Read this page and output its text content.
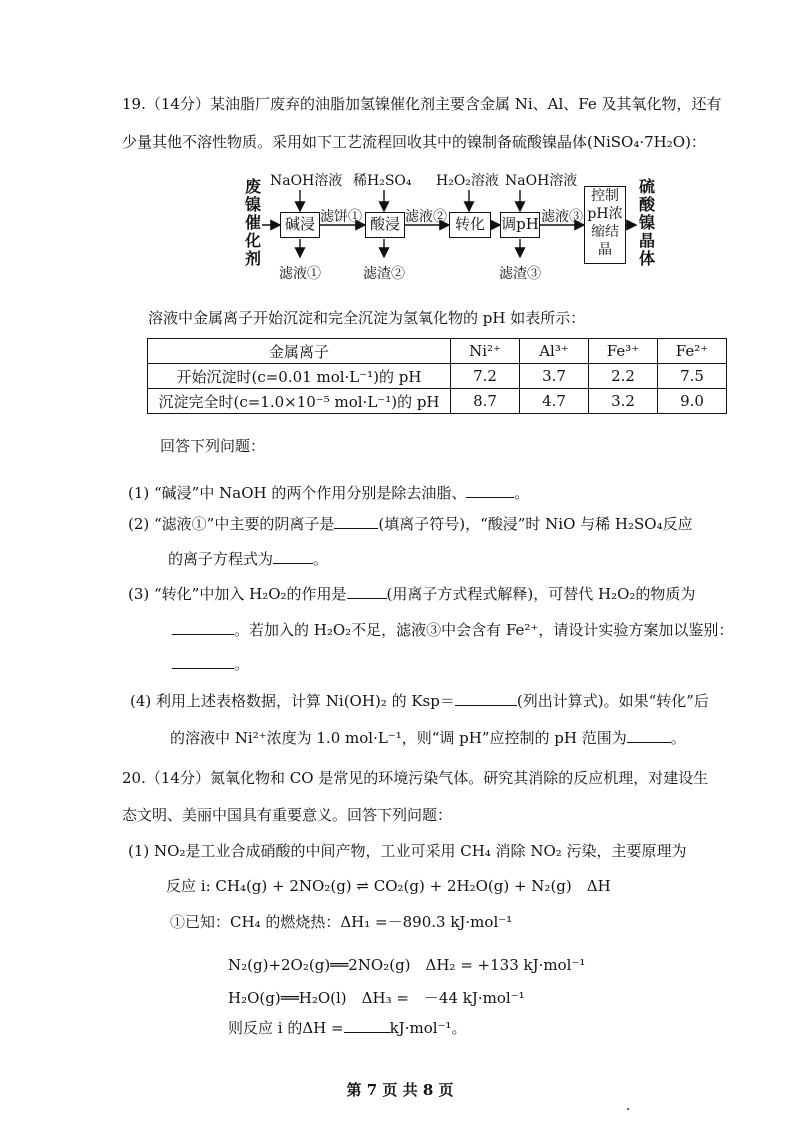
19.（14分）某油脂厂废弃的油脂加氢镍催化剂主要含金属 Ni、Al、Fe 及其氧化物，还有
少量其他不溶性物质。采用如下工艺流程回收其中的镍制备硫酸镍晶体(NiSO₄·7H₂O)：
废
镍
催
化
剂
硫
酸
镍
晶
体
碱浸	酸浸	转化	调pH
控制
pH浓
缩结
晶
NaOH溶液 稀H₂SO₄ H₂O₂溶液 NaOH溶液
滤饼①	滤液②	滤液③
滤液①	滤渣②	滤渣③
溶液中金属离子开始沉淀和完全沉淀为氢氧化物的 pH 如表所示：
金属离子	Ni²⁺	Al³⁺	Fe³⁺	Fe²⁺
开始沉淀时(c=0.01 mol·L⁻¹)的 pH	7.2	3.7	2.2	7.5
沉淀完全时(c=1.0×10⁻⁵ mol·L⁻¹)的 pH	8.7	4.7	3.2	9.0
回答下列问题：
(1) “碱浸”中 NaOH 的两个作用分别是除去油脂、	。
(2) “滤液①”中主要的阴离子是	(填离子符号)，“酸浸”时 NiO 与稀 H₂SO₄反应
的离子方程式为	。
(3) “转化”中加入 H₂O₂的作用是	(用离子方式程式解释)，可替代 H₂O₂的物质为
。若加入的 H₂O₂不足，滤液③中会含有 Fe²⁺，请设计实验方案加以鉴别：
。
(4) 利用上述表格数据，计算 Ni(OH)₂ 的 Ksp＝	(列出计算式)。如果“转化”后
的溶液中 Ni²⁺浓度为 1.0 mol·L⁻¹，则“调 pH”应控制的 pH 范围为	。
20.（14分）氮氧化物和 CO 是常见的环境污染气体。研究其消除的反应机理，对建设生
态文明、美丽中国具有重要意义。回答下列问题：
(1) NO₂是工业合成硝酸的中间产物，工业可采用 CH₄ 消除 NO₂ 污染，主要原理为
反应 i: CH₄(g) + 2NO₂(g) ⇌ CO₂(g) + 2H₂O(g) + N₂(g)　ΔH
①已知：CH₄ 的燃烧热：ΔH₁ =－890.3 kJ·mol⁻¹
N₂(g)+2O₂(g)══2NO₂(g)　ΔH₂ = +133 kJ·mol⁻¹
H₂O(g)══H₂O(l)　ΔH₃ =　－44 kJ·mol⁻¹
则反应 i 的ΔH =	kJ·mol⁻¹。
第 7 页 共 8 页
·
